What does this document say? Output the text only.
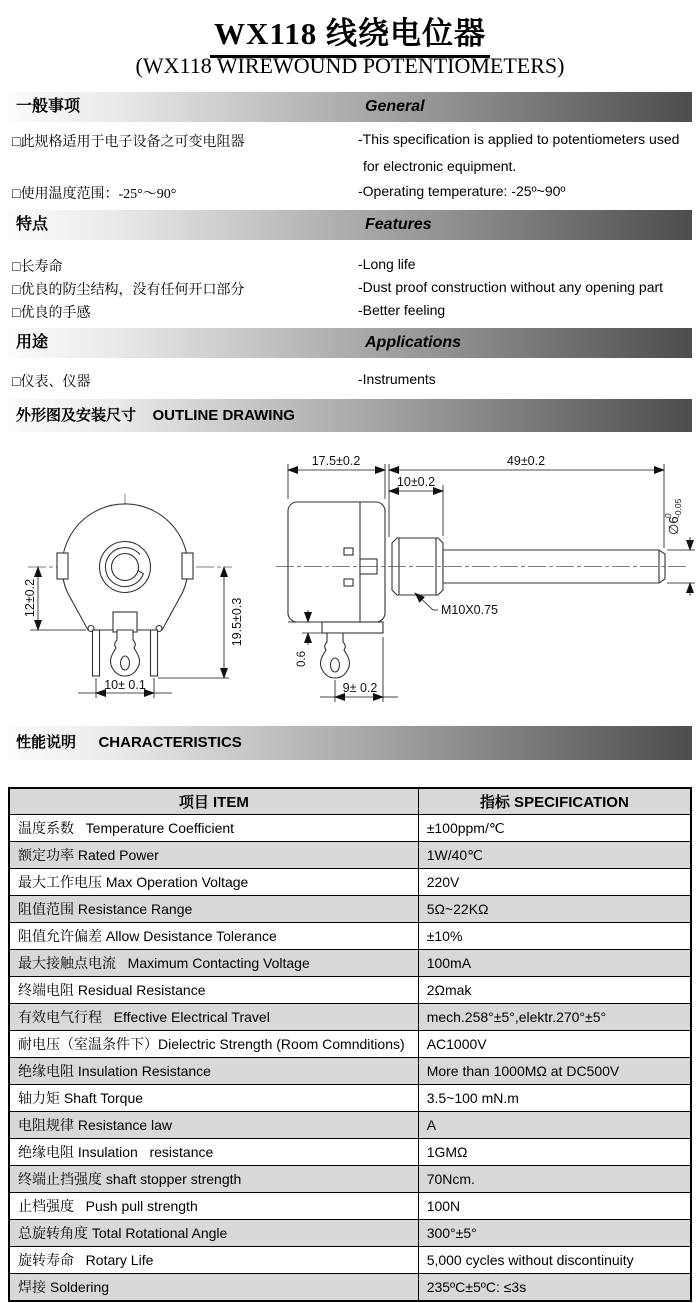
WX118 线绕电位器
(WX118 WIREWOUND POTENTIOMETERS)
一般事项	General
□此规格适用于电子设备之可变电阻器	-This specification is applied to potentiometers used
for electronic equipment.
□使用温度范围：-25°～90°	-Operating temperature: -25º~90º
特点	Features
□长寿命	-Long life
□优良的防尘结构，没有任何开口部分	-Dust proof construction without any opening part
□优良的手感	-Better feeling
用途	Applications
□仪表、仪器	-Instruments
外形图及安装尺寸 OUTLINE DRAWING
12±0.2	19.5±0.3
10± 0.1
17.5±0.2	49±0.2
10±0.2
M10X0.75
∅6
0 -0.05
0.6
9± 0.2
性能说明 CHARACTERISTICS
项目 ITEM	指标 SPECIFICATION
温度系数   Temperature Coefficient	±100ppm/℃
额定功率 Rated Power	1W/40℃
最大工作电压 Max Operation Voltage	220V
阻值范围 Resistance Range	5Ω~22KΩ
阻值允许偏差 Allow Desistance Tolerance	±10%
最大接触点电流   Maximum Contacting Voltage	100mA
终端电阻 Residual Resistance	2Ωmak
有效电气行程   Effective Electrical Travel	mech.258°±5°,elektr.270°±5°
耐电压（室温条件下）Dielectric Strength (Room Comnditions)	AC1000V
绝缘电阻 Insulation Resistance	More than 1000MΩ at DC500V
轴力矩 Shaft Torque	3.5~100 mN.m
电阻规律 Resistance law	A
绝缘电阻 Insulation   resistance	1GMΩ
终端止挡强度 shaft stopper strength	70Ncm.
止档强度   Push pull strength	100N
总旋转角度 Total Rotational Angle	300°±5°
旋转寿命   Rotary Life	5,000 cycles without discontinuity
焊接 Soldering	235ºC±5ºC: ≤3s
